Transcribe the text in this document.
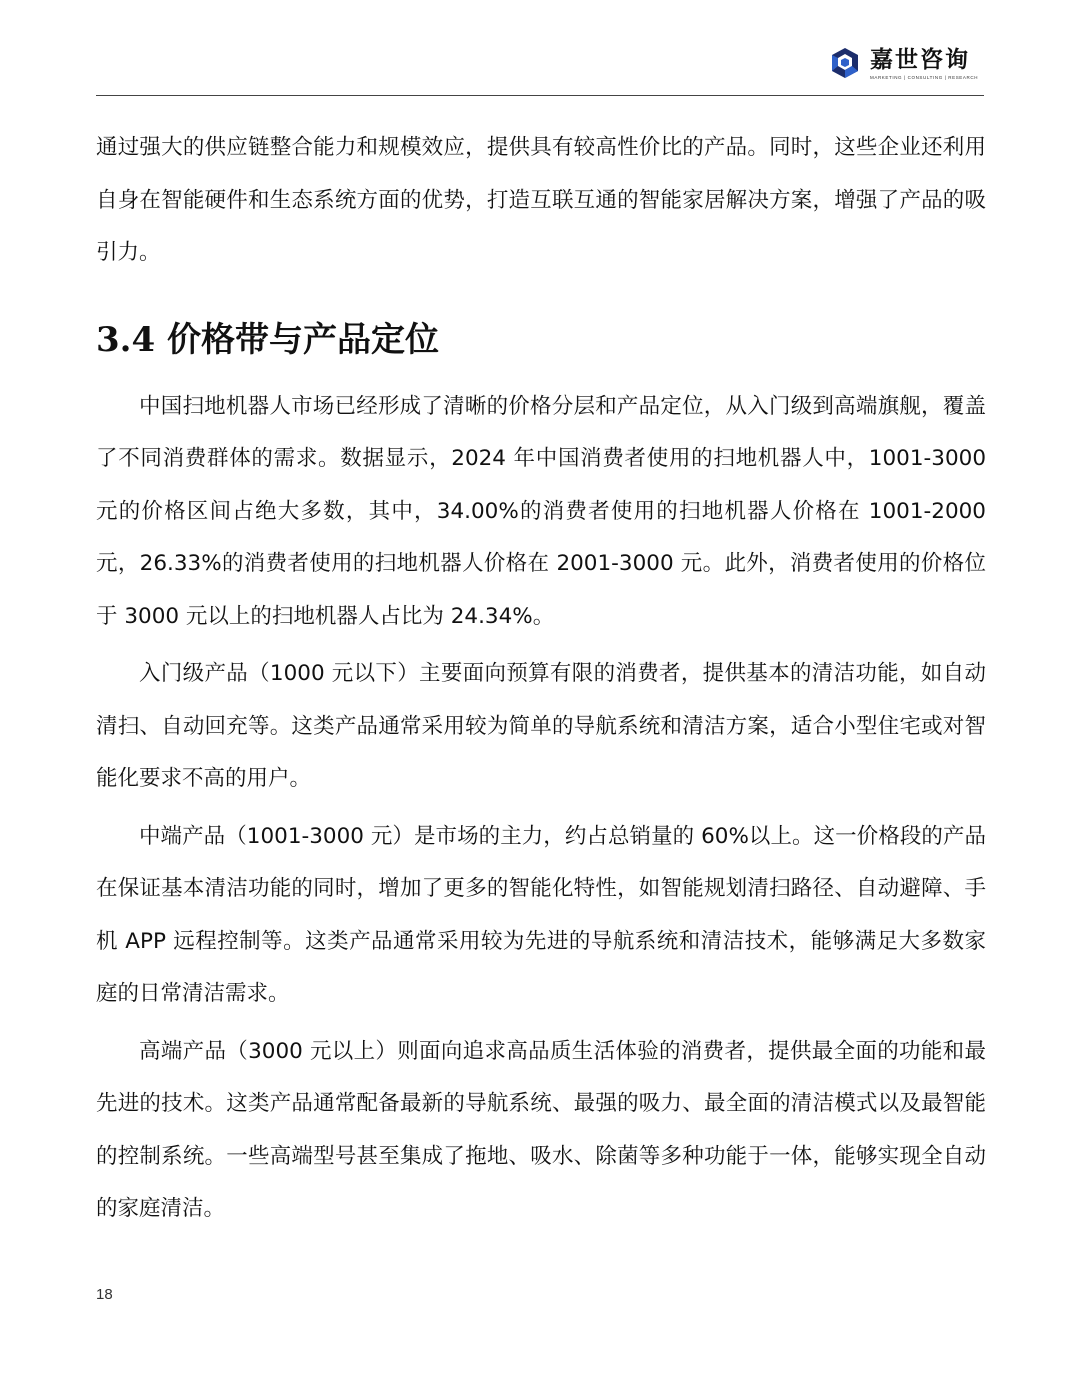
嘉世咨询
MARKETING | CONSULTING | RESEARCH

通过强大的供应链整合能力和规模效应，提供具有较高性价比的产品。同时，这些企业还利用自身在智能硬件和生态系统方面的优势，打造互联互通的智能家居解决方案，增强了产品的吸引力。

3.4 价格带与产品定位

中国扫地机器人市场已经形成了清晰的价格分层和产品定位，从入门级到高端旗舰，覆盖了不同消费群体的需求。数据显示，2024 年中国消费者使用的扫地机器人中，1001-3000 元的价格区间占绝大多数，其中，34.00%的消费者使用的扫地机器人价格在 1001-2000 元，26.33%的消费者使用的扫地机器人价格在 2001-3000 元。此外，消费者使用的价格位于 3000 元以上的扫地机器人占比为 24.34%。

入门级产品（1000 元以下）主要面向预算有限的消费者，提供基本的清洁功能，如自动清扫、自动回充等。这类产品通常采用较为简单的导航系统和清洁方案，适合小型住宅或对智能化要求不高的用户。

中端产品（1001-3000 元）是市场的主力，约占总销量的 60%以上。这一价格段的产品在保证基本清洁功能的同时，增加了更多的智能化特性，如智能规划清扫路径、自动避障、手机 APP 远程控制等。这类产品通常采用较为先进的导航系统和清洁技术，能够满足大多数家庭的日常清洁需求。

高端产品（3000 元以上）则面向追求高品质生活体验的消费者，提供最全面的功能和最先进的技术。这类产品通常配备最新的导航系统、最强的吸力、最全面的清洁模式以及最智能的控制系统。一些高端型号甚至集成了拖地、吸水、除菌等多种功能于一体，能够实现全自动的家庭清洁。

18
